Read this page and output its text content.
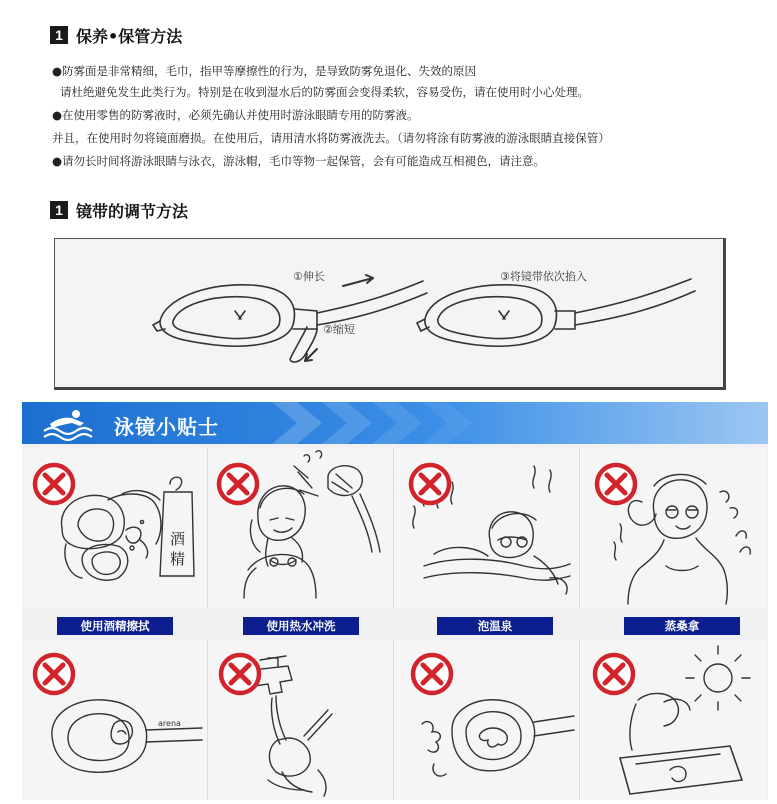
1 保养•保管方法
●防雾面是非常精细，毛巾，指甲等摩擦性的行为，是导致防雾免退化、失效的原因
请杜绝避免发生此类行为。特别是在收到湿水后的防雾面会变得柔软，容易受伤，请在使用时小心处理。
●在使用零售的防雾液时，必须先确认并使用时游泳眼睛专用的防雾液。
并且，在使用时勿将镜面磨损。在使用后，请用清水将防雾液洗去。（请勿将涂有防雾液的游泳眼睛直接保管）
●请勿长时间将游泳眼睛与泳衣，游泳帽，毛巾等物一起保管，会有可能造成互相褪色，请注意。
1 镜带的调节方法
①伸长
②缩短
③将镜带依次掐入
泳镜小贴士
酒
精
使用酒精擦拭	使用热水冲洗	泡温泉	蒸桑拿
arena
